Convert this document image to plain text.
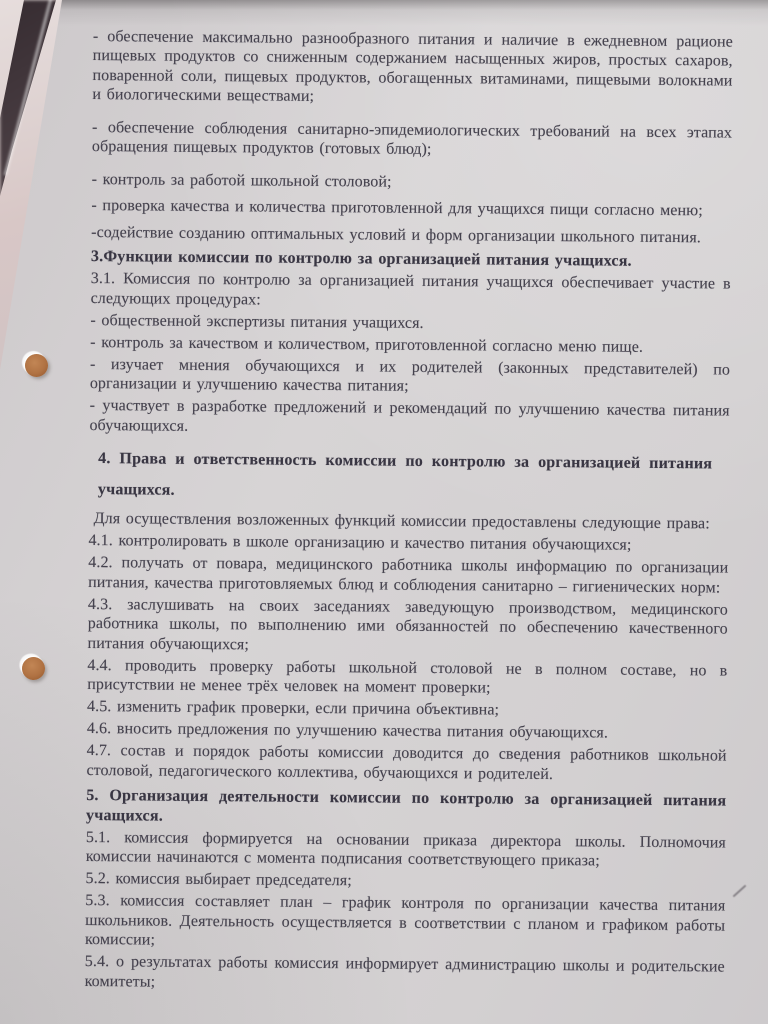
- обеспечение максимально разнообразного питания и наличие в ежедневном рационе пищевых продуктов со сниженным содержанием насыщенных жиров, простых сахаров, поваренной соли, пищевых продуктов, обогащенных витаминами, пищевыми волокнами и биологическими веществами;

- обеспечение соблюдения санитарно-эпидемиологических требований на всех этапах обращения пищевых продуктов (готовых блюд);

- контроль за работой школьной столовой;

- проверка качества и количества приготовленной для учащихся пищи согласно меню;

-содействие созданию оптимальных условий и форм организации школьного питания.

3.Функции комиссии по контролю за организацией питания учащихся.

3.1. Комиссия по контролю за организацией питания учащихся обеспечивает участие в следующих процедурах:

- общественной экспертизы питания учащихся.

- контроль за качеством и количеством, приготовленной согласно меню пище.

- изучает мнения обучающихся и их родителей (законных представителей) по организации и улучшению качества питания;

- участвует в разработке предложений и рекомендаций по улучшению качества питания обучающихся.

4. Права и ответственность комиссии по контролю за организацией питания учащихся.

Для осуществления возложенных функций комиссии предоставлены следующие права:

4.1. контролировать в школе организацию и качество питания обучающихся;

4.2. получать от повара, медицинского работника школы информацию по организации питания, качества приготовляемых блюд и соблюдения санитарно – гигиенических норм:

4.3. заслушивать на своих заседаниях заведующую производством, медицинского работника школы, по выполнению ими обязанностей по обеспечению качественного питания обучающихся;

4.4. проводить проверку работы школьной столовой не в полном составе, но в присутствии не менее трёх человек на момент проверки;

4.5. изменить график проверки, если причина объективна;

4.6. вносить предложения по улучшению качества питания обучающихся.

4.7. состав и порядок работы комиссии доводится до сведения работников школьной столовой, педагогического коллектива, обучающихся и родителей.

5. Организация деятельности комиссии по контролю за организацией питания учащихся.

5.1. комиссия формируется на основании приказа директора школы. Полномочия комиссии начинаются с момента подписания соответствующего приказа;

5.2. комиссия выбирает председателя;

5.3. комиссия составляет план – график контроля по организации качества питания школьников. Деятельность осуществляется в соответствии с планом и графиком работы комиссии;

5.4. о результатах работы комиссия информирует администрацию школы и родительские комитеты;
